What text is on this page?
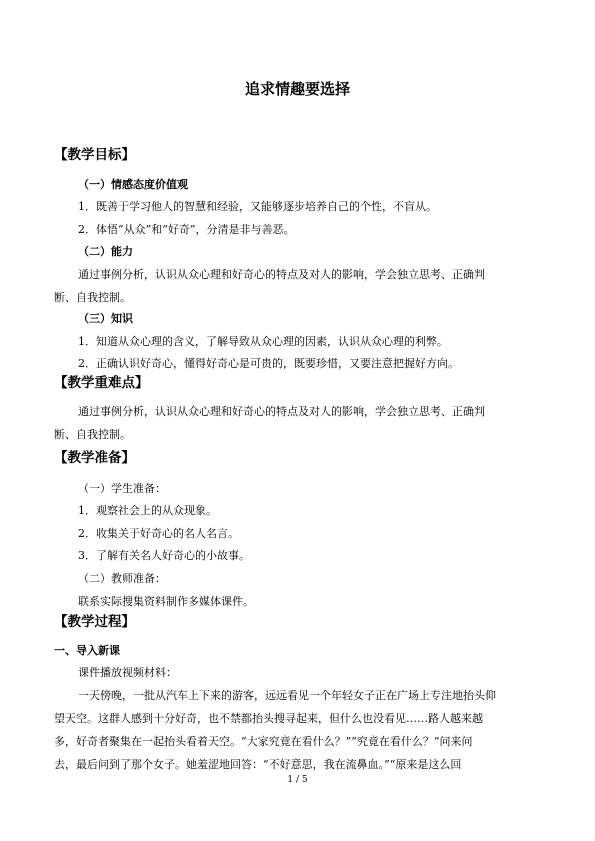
追求情趣要选择
【教学目标】
（一）情感态度价值观
1．既善于学习他人的智慧和经验，又能够逐步培养自己的个性，不盲从。
2．体悟“从众”和“好奇”，分清是非与善恶。
（二）能力
通过事例分析，认识从众心理和好奇心的特点及对人的影响，学会独立思考、正确判
断、自我控制。
（三）知识
1．知道从众心理的含义，了解导致从众心理的因素，认识从众心理的利弊。
2．正确认识好奇心，懂得好奇心是可贵的，既要珍惜，又要注意把握好方向。
【教学重难点】
通过事例分析，认识从众心理和好奇心的特点及对人的影响，学会独立思考、正确判
断、自我控制。
【教学准备】
（一）学生准备：
1．观察社会上的从众现象。
2．收集关于好奇心的名人名言。
3．了解有关名人好奇心的小故事。
（二）教师准备：
联系实际搜集资料制作多媒体课件。
【教学过程】
一、导入新课
课件播放视频材料：
一天傍晚，一批从汽车上下来的游客，远远看见一个年轻女子正在广场上专注地抬头仰
望天空。这群人感到十分好奇，也不禁都抬头搜寻起来，但什么也没看见……路人越来越
多，好奇者聚集在一起抬头看着天空。“大家究竟在看什么？”“究竟在看什么？”问来问
去，最后问到了那个女子。她羞涩地回答：“不好意思，我在流鼻血。”“原来是这么回
1 / 5
